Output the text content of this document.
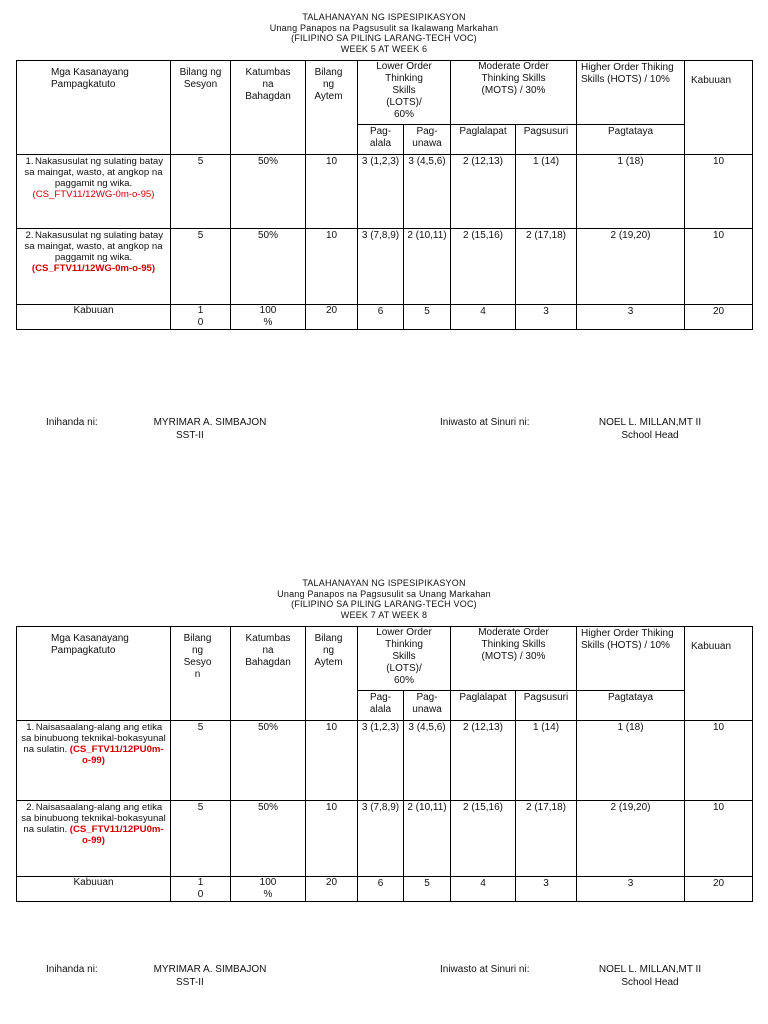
TALAHANAYAN NG ISPESIPIKASYON
Unang Panapos na Pagsusulit sa Ikalawang Markahan
(FILIPINO SA PILING LARANG-TECH VOC)
WEEK 5 AT WEEK 6
Mga Kasanayang Pampagkatuto	Bilang ng Sesyon	Katumbas na Bahagdan	Bilang ng Aytem	Lower Order Thinking Skills (LOTS)/ 60%		Moderate Order Thinking Skills (MOTS) / 30%		Higher Order Thiking Skills (HOTS) / 10%	Kabuuan
				Pag-alala	Pag-unawa	Paglalapat	Pagsusuri	Pagtataya	
1. Nakasusulat ng sulating batay sa maingat, wasto, at angkop na paggamit ng wika. (CS_FTV11/12WG-0m-o-95)	5	50%	10	3 (1,2,3)	3 (4,5,6)	2 (12,13)	1 (14)	1 (18)	10
2. Nakasusulat ng sulating batay sa maingat, wasto, at angkop na paggamit ng wika. (CS_FTV11/12WG-0m-o-95)	5	50%	10	3 (7,8,9)	2 (10,11)	2 (15,16)	2 (17,18)	2 (19,20)	10
Kabuuan	10	100%	20	6	5	4	3	3	20
Inihanda ni:	MYRIMAR A. SIMBAJON
SST-II
Iniwasto at Sinuri ni:	NOEL L. MILLAN,MT II
School Head
TALAHANAYAN NG ISPESIPIKASYON
Unang Panapos na Pagsusulit sa Unang Markahan
(FILIPINO SA PILING LARANG-TECH VOC)
WEEK 7 AT WEEK 8
Mga Kasanayang Pampagkatuto	Bilang ng Sesyon	Katumbas na Bahagdan	Bilang ng Aytem	Lower Order Thinking Skills (LOTS)/ 60%		Moderate Order Thinking Skills (MOTS) / 30%		Higher Order Thiking Skills (HOTS) / 10%	Kabuuan
				Pag-alala	Pag-unawa	Paglalapat	Pagsusuri	Pagtataya	
1. Naisasaalang-alang ang etika sa binubuong teknikal-bokasyunal na sulatin. (CS_FTV11/12PU0m-o-99)	5	50%	10	3 (1,2,3)	3 (4,5,6)	2 (12,13)	1 (14)	1 (18)	10
2. Naisasaalang-alang ang etika sa binubuong teknikal-bokasyunal na sulatin. (CS_FTV11/12PU0m-o-99)	5	50%	10	3 (7,8,9)	2 (10,11)	2 (15,16)	2 (17,18)	2 (19,20)	10
Kabuuan	10	100%	20	6	5	4	3	3	20
Inihanda ni:	MYRIMAR A. SIMBAJON
SST-II
Iniwasto at Sinuri ni:	NOEL L. MILLAN,MT II
School Head
